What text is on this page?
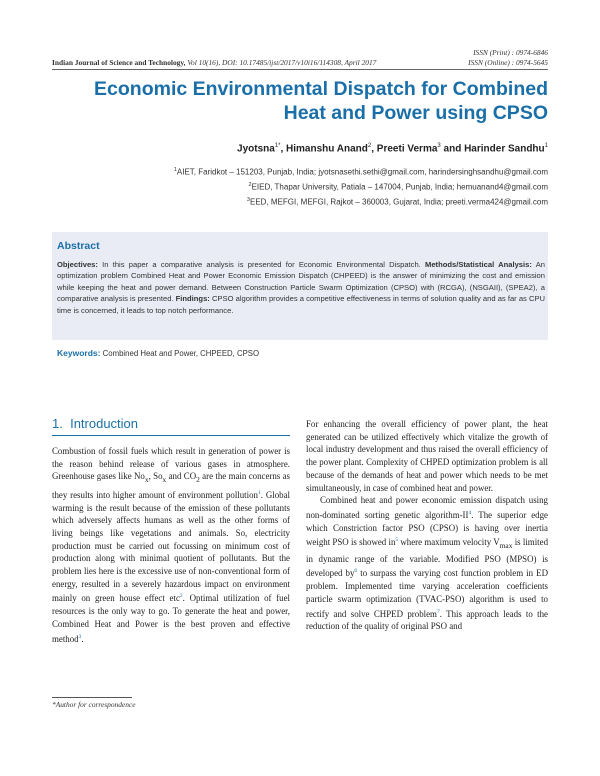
ISSN (Print) : 0974-6846
ISSN (Online) : 0974-5645
Indian Journal of Science and Technology, Vol 10(16), DOI: 10.17485/ijst/2017/v10i16/114308, April 2017
Economic Environmental Dispatch for Combined
Heat and Power using CPSO
Jyotsna$^{1*}$, Himanshu Anand$^2$, Preeti Verma$^3$ and Harinder Sandhu$^1$
$^1$AIET, Faridkot – 151203, Punjab, India; jyotsnasethi.sethi@gmail.com, harindersinghsandhu@gmail.com
$^2$EIED, Thapar University, Patiala – 147004, Punjab, India; hemuanand4@gmail.com
$^3$EED, MEFGI, MEFGI, Rajkot – 360003, Gujarat, India; preeti.verma424@gmail.com
Abstract
Objectives: In this paper a comparative analysis is presented for Economic Environmental Dispatch. Methods/Statistical Analysis: An optimization problem Combined Heat and Power Economic Emission Dispatch (CHPEED) is the answer of minimizing the cost and emission while keeping the heat and power demand. Between Construction Particle Swarm Optimization (CPSO) with (RCGA), (NSGAII), (SPEA2), a comparative analysis is presented. Findings: CPSO algorithm provides a competitive effectiveness in terms of solution quality and as far as CPU time is concerned, it leads to top notch performance.
Keywords: Combined Heat and Power, CHPEED, CPSO
1. Introduction

Combustion of fossil fuels which result in generation of power is the reason behind release of various gases in atmosphere. Greenhouse gases like $No_x$, $So_x$ and $CO_2$ are the main concerns as they results into higher amount of environment pollution$^1$. Global warming is the result because of the emission of these pollutants which adversely affects humans as well as the other forms of living beings like vegetations and animals. So, electricity production must be carried out focussing on minimum cost of production along with minimal quotient of pollutants. But the problem lies here is the excessive use of non-conventional form of energy, resulted in a severely hazardous impact on environment mainly on green house effect etc$^2$. Optimal utilization of fuel resources is the only way to go. To generate the heat and power, Combined Heat and Power is the best proven and effective method$^3$.

For enhancing the overall efficiency of power plant, the heat generated can be utilized effectively which vitalize the growth of local industry development and thus raised the overall efficiency of the power plant. Complexity of CHPED optimization problem is all because of the demands of heat and power which needs to be met simultaneously, in case of combined heat and power.

Combined heat and power economic emission dispatch using non-dominated sorting genetic algorithm-$II^4$. The superior edge which Constriction factor PSO (CPSO) is having over inertia weight PSO is showed $in^5$ where maximum velocity $V_{max}$ is limited in dynamic range of the variable. Modified PSO (MPSO) is developed $by^6$ to surpass the varying cost function problem in ED problem. Implemented time varying acceleration coefficients particle swarm optimization (TVAC-PSO) algorithm is used to rectify and solve CHPED problem$^7$. This approach leads to the reduction of the quality of original PSO and

*Author for correspondence
